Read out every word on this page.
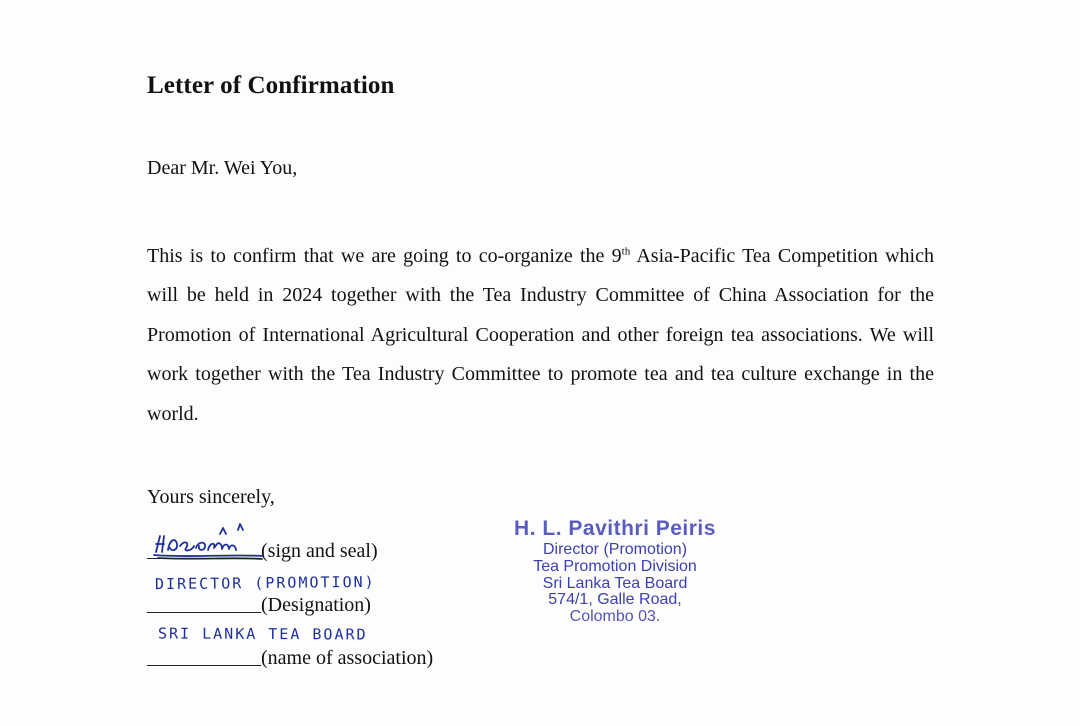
Letter of Confirmation
Dear Mr. Wei You,

This is to confirm that we are going to co-organize the 9th Asia-Pacific Tea Competition which will be held in 2024 together with the Tea Industry Committee of China Association for the Promotion of International Agricultural Cooperation and other foreign tea associations. We will work together with the Tea Industry Committee to promote tea and tea culture exchange in the world.

Yours sincerely,
(sign and seal)
DIRECTOR (PROMOTION)
(Designation)
SRI LANKA TEA BOARD
(name of association)
H. L. Pavithri Peiris
Director (Promotion)
Tea Promotion Division
Sri Lanka Tea Board
574/1, Galle Road,
Colombo 03.
